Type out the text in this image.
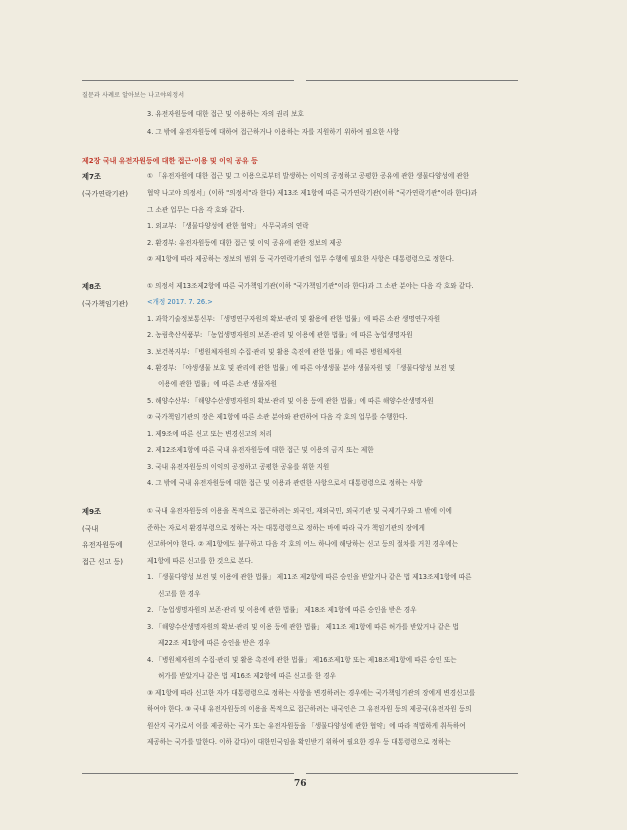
질문과 사례로 알아보는 나고야의정서
3. 유전자원등에 대한 접근 및 이용하는 자의 권리 보호
4. 그 밖에 유전자원등에 대하여 접근하거나 이용하는 자를 지원하기 위하여 필요한 사항
제2장 국내 유전자원등에 대한 접근·이용 및 이익 공유 등
제7조
(국가연락기관)
① 「유전자원에 대한 접근 및 그 이용으로부터 발생하는 이익의 공정하고 공평한 공유에 관한 생물다양성에 관한
협약 나고야 의정서」(이하 "의정서"라 한다) 제13조 제1항에 따른 국가연락기관(이하 "국가연락기관"이라 한다)과
그 소관 업무는 다음 각 호와 같다.
1. 외교부: 「생물다양성에 관한 협약」 사무국과의 연락
2. 환경부: 유전자원등에 대한 접근 및 이익 공유에 관한 정보의 제공
② 제1항에 따라 제공하는 정보의 범위 등 국가연락기관의 업무 수행에 필요한 사항은 대통령령으로 정한다.
제8조
(국가책임기관)
① 의정서 제13조제2항에 따른 국가책임기관(이하 "국가책임기관"이라 한다)과 그 소관 분야는 다음 각 호와 같다.
<개정 2017. 7. 26.>
1. 과학기술정보통신부: 「생명연구자원의 확보·관리 및 활용에 관한 법률」에 따른 소관 생명연구자원
2. 농림축산식품부: 「농업생명자원의 보존·관리 및 이용에 관한 법률」에 따른 농업생명자원
3. 보건복지부: 「병원체자원의 수집·관리 및 활용 촉진에 관한 법률」에 따른 병원체자원
4. 환경부: 「야생생물 보호 및 관리에 관한 법률」에 따른 야생생물 분야 생물자원 및 「생물다양성 보전 및
이용에 관한 법률」에 따른 소관 생물자원
5. 해양수산부: 「해양수산생명자원의 확보·관리 및 이용 등에 관한 법률」에 따른 해양수산생명자원
② 국가책임기관의 장은 제1항에 따른 소관 분야와 관련하여 다음 각 호의 업무를 수행한다.
1. 제9조에 따른 신고 또는 변경신고의 처리
2. 제12조제1항에 따른 국내 유전자원등에 대한 접근 및 이용의 금지 또는 제한
3. 국내 유전자원등의 이익의 공정하고 공평한 공유를 위한 지원
4. 그 밖에 국내 유전자원등에 대한 접근 및 이용과 관련한 사항으로서 대통령령으로 정하는 사항
제9조
(국내
유전자원등에
접근 신고 등)
① 국내 유전자원등의 이용을 목적으로 접근하려는 외국인, 재외국민, 외국기관 및 국제기구와 그 밖에 이에
준하는 자로서 환경부령으로 정하는 자는 대통령령으로 정하는 바에 따라 국가 책임기관의 장에게
신고하여야 한다. ② 제1항에도 불구하고 다음 각 호의 어느 하나에 해당하는 신고 등의 절차를 거친 경우에는
제1항에 따른 신고를 한 것으로 본다.
1. 「생물다양성 보전 및 이용에 관한 법률」 제11조 제2항에 따른 승인을 받았거나 같은 법 제13조제1항에 따른
신고를 한 경우
2. 「농업생명자원의 보존·관리 및 이용에 관한 법률」 제18조 제1항에 따른 승인을 받은 경우
3. 「해양수산생명자원의 확보·관리 및 이용 등에 관한 법률」 제11조 제1항에 따른 허가를 받았거나 같은 법
제22조 제1항에 따른 승인을 받은 경우
4. 「병원체자원의 수집·관리 및 활용 촉진에 관한 법률」 제16조제1항 또는 제18조제1항에 따른 승인 또는
허가를 받았거나 같은 법 제16조 제2항에 따른 신고를 한 경우
③ 제1항에 따라 신고한 자가 대통령령으로 정하는 사항을 변경하려는 경우에는 국가책임기관의 장에게 변경신고를
하여야 한다. ③ 국내 유전자원등의 이용을 목적으로 접근하려는 내국인은 그 유전자원 등의 제공국(유전자원 등의
원산지 국가로서 이를 제공하는 국가 또는 유전자원등을 「생물다양성에 관한 협약」에 따라 적법하게 취득하여
제공하는 국가를 말한다. 이하 같다)이 대한민국임을 확인받기 위하여 필요한 경우 등 대통령령으로 정하는
76
